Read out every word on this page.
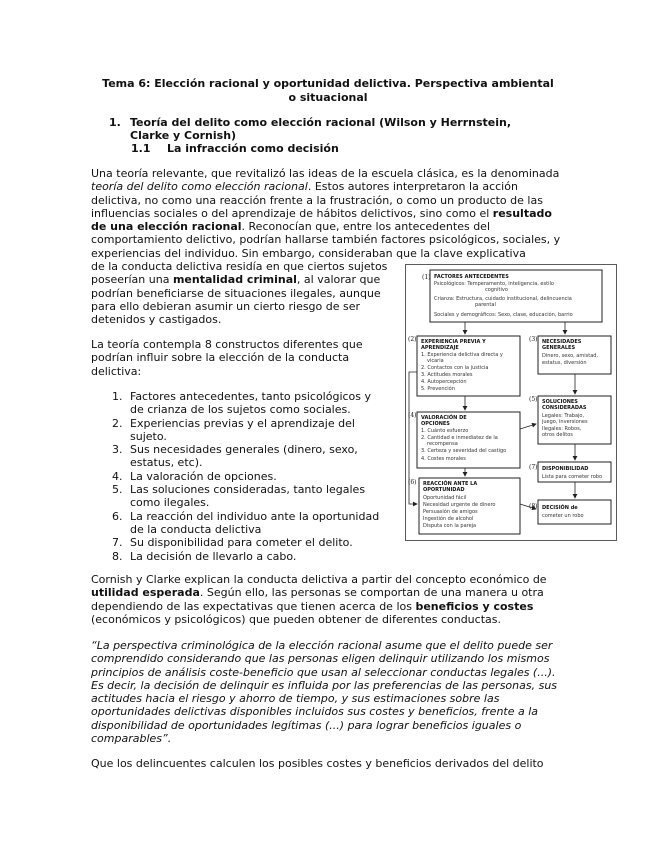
Tema 6: Elección racional y oportunidad delictiva. Perspectiva ambiental
o situacional
1. Teoría del delito como elección racional (Wilson y Herrnstein,
Clarke y Cornish)
1.1 La infracción como decisión

Una teoría relevante, que revitalizó las ideas de la escuela clásica, es la denominada teoría del delito como elección racional. Estos autores interpretaron la acción delictiva, no como una reacción frente a la frustración, o como un producto de las influencias sociales o del aprendizaje de hábitos delictivos, sino como el resultado de una elección racional. Reconocían que, entre los antecedentes del comportamiento delictivo, podrían hallarse también factores psicológicos, sociales, y experiencias del individuo. Sin embargo, consideraban que la clave explicativa

de la conducta delictiva residía en que ciertos sujetos poseerían una mentalidad criminal, al valorar que podrían beneficiarse de situaciones ilegales, aunque para ello debieran asumir un cierto riesgo de ser detenidos y castigados.

La teoría contempla 8 constructos diferentes que podrían influir sobre la elección de la conducta delictiva:

1. Factores antecedentes, tanto psicológicos y de crianza de los sujetos como sociales.
2. Experiencias previas y el aprendizaje del sujeto.
3. Sus necesidades generales (dinero, sexo, estatus, etc).
4. La valoración de opciones.
5. Las soluciones consideradas, tanto legales como ilegales.
6. La reacción del individuo ante la oportunidad de la conducta delictiva
7. Su disponibilidad para cometer el delito.
8. La decisión de llevarlo a cabo.
(1) FACTORES ANTECEDENTES
Psicológicos: Temperamento, inteligencia, estilo
cognitivo
Crianza: Estructura, cuidado institucional, delincuencia
parental
Sociales y demográficos: Sexo, clase, educación, barrio
(2) EXPERIENCIA PREVIA Y
APRENDIZAJE
1. Experiencia delictiva directa y
vicaria
2. Contactos con la justicia
3. Actitudes morales
4. Autopercepción
5. Prevención
(3) NECESIDADES
GENERALES
Dinero, sexo, amistad,
estatus, diversión
(5) SOLUCIONES
CONSIDERADAS
Legales: Trabajo,
juego, inversiones
Ilegales: Robos,
otros delitos
(4) VALORACIÓN DE
OPCIONES
1. Cuánto esfuerzo
2. Cantidad e inmediatez de la
recompensa
3. Certeza y severidad del castigo
4. Costes morales
(7) DISPONIBILIDAD
Lista para cometer robo
(6) REACCIÓN ANTE LA
OPORTUNIDAD
Oportunidad fácil
Necesidad urgente de dinero
Persuasión de amigos
Ingestión de alcohol
Disputa con la pareja
(8) DECISIÓN de
cometer un robo

Cornish y Clarke explican la conducta delictiva a partir del concepto económico de utilidad esperada. Según ello, las personas se comportan de una manera u otra dependiendo de las expectativas que tienen acerca de los beneficios y costes (económicos y psicológicos) que pueden obtener de diferentes conductas.

“La perspectiva criminológica de la elección racional asume que el delito puede ser comprendido considerando que las personas eligen delinquir utilizando los mismos principios de análisis coste-beneficio que usan al seleccionar conductas legales (...). Es decir, la decisión de delinquir es influida por las preferencias de las personas, sus actitudes hacia el riesgo y ahorro de tiempo, y sus estimaciones sobre las oportunidades delictivas disponibles incluidos sus costes y beneficios, frente a la disponibilidad de oportunidades legítimas (...) para lograr beneficios iguales o comparables”.

Que los delincuentes calculen los posibles costes y beneficios derivados del delito
